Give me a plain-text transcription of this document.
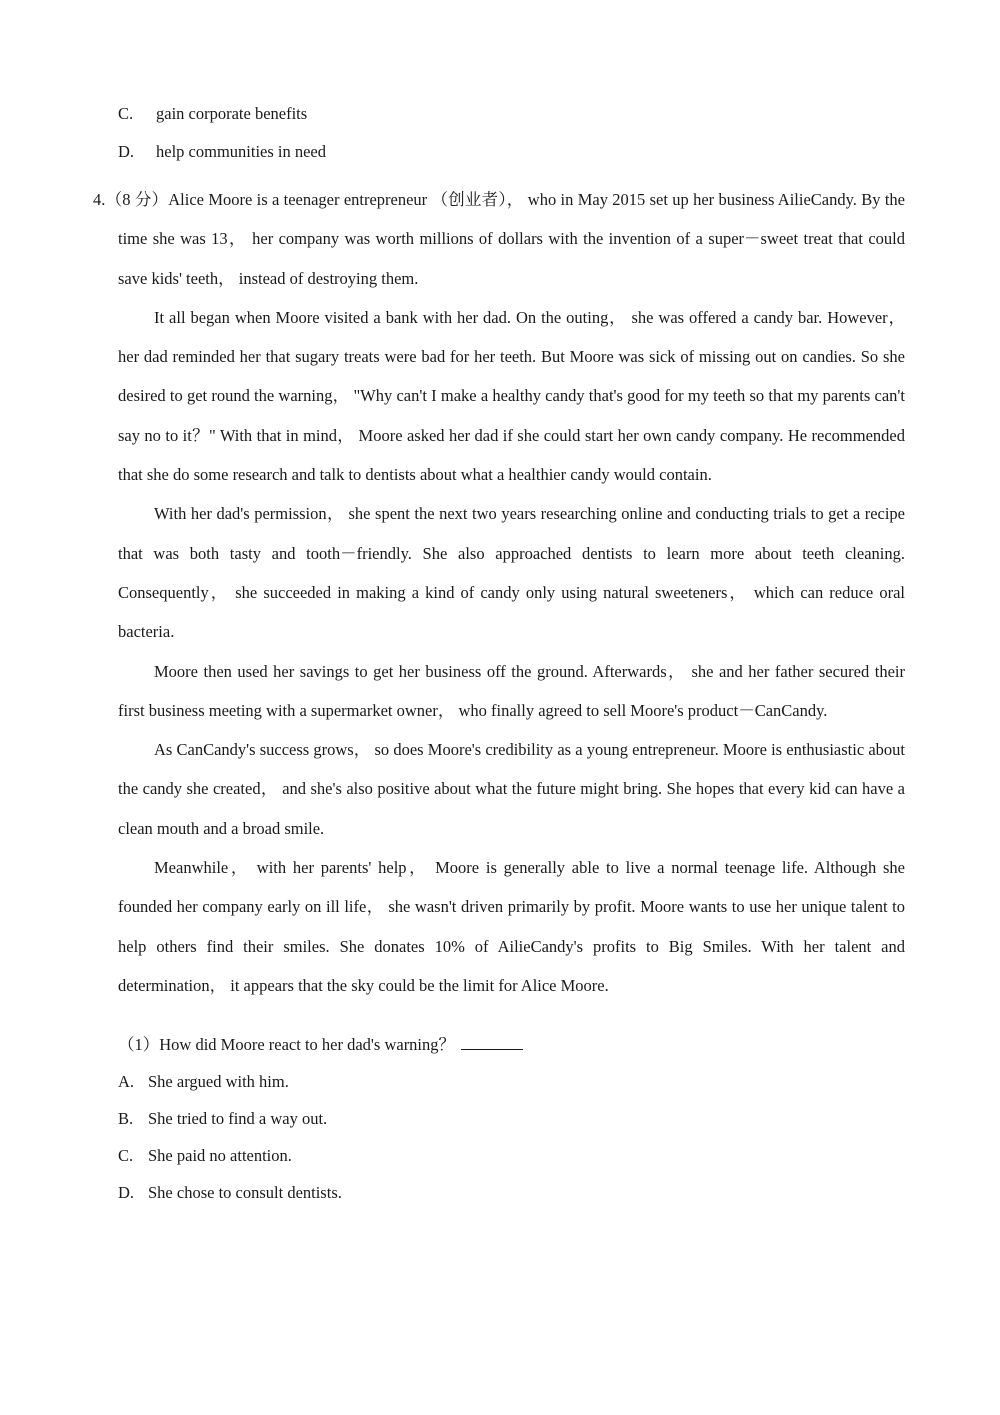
C. gain corporate benefits

D. help communities in need

4.（8 分）Alice Moore is a teenager entrepreneur （创业者）， who in May 2015 set up her business AilieCandy. By the time she was 13， her company was worth millions of dollars with the invention of a super－sweet treat that could save kids' teeth， instead of destroying them.

It all began when Moore visited a bank with her dad. On the outing， she was offered a candy bar. However， her dad reminded her that sugary treats were bad for her teeth. But Moore was sick of missing out on candies. So she desired to get round the warning， "Why can't I make a healthy candy that's good for my teeth so that my parents can't say no to it？" With that in mind， Moore asked her dad if she could start her own candy company. He recommended that she do some research and talk to dentists about what a healthier candy would contain.

With her dad's permission， she spent the next two years researching online and conducting trials to get a recipe that was both tasty and tooth－friendly. She also approached dentists to learn more about teeth cleaning. Consequently， she succeeded in making a kind of candy only using natural sweeteners， which can reduce oral bacteria.

Moore then used her savings to get her business off the ground. Afterwards， she and her father secured their first business meeting with a supermarket owner， who finally agreed to sell Moore's product－CanCandy.

As CanCandy's success grows， so does Moore's credibility as a young entrepreneur. Moore is enthusiastic about the candy she created， and she's also positive about what the future might bring. She hopes that every kid can have a clean mouth and a broad smile.

Meanwhile， with her parents' help， Moore is generally able to live a normal teenage life. Although she founded her company early on ill life， she wasn't driven primarily by profit. Moore wants to use her unique talent to help others find their smiles. She donates 10% of AilieCandy's profits to Big Smiles. With her talent and determination， it appears that the sky could be the limit for Alice Moore.

（1）How did Moore react to her dad's warning？

A. She argued with him.

B. She tried to find a way out.

C. She paid no attention.

D. She chose to consult dentists.
